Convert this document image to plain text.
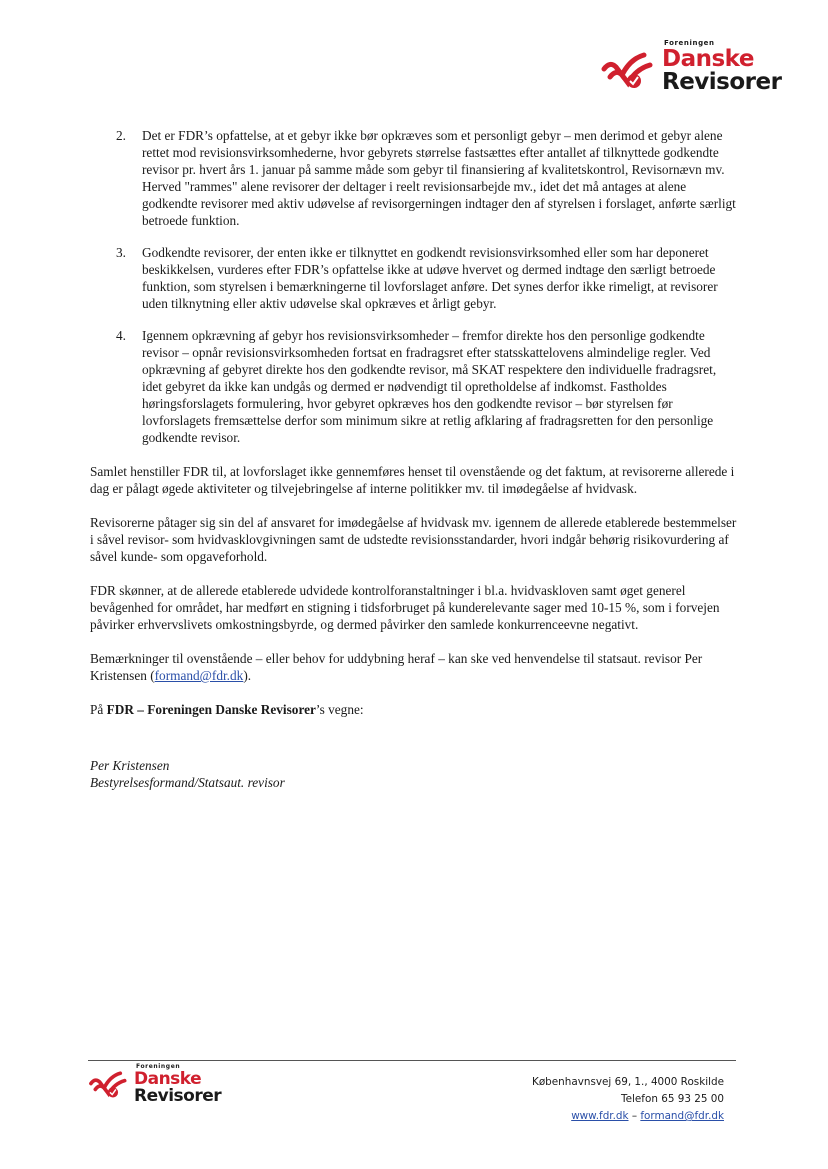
Foreningen
Danske
Revisorer
2. Det er FDR’s opfattelse, at et gebyr ikke bør opkræves som et personligt gebyr – men derimod et gebyr alene rettet mod revisionsvirksomhederne, hvor gebyrets størrelse fastsættes efter antallet af tilknyttede godkendte revisor pr. hvert års 1. januar på samme måde som gebyr til finansiering af kvalitetskontrol, Revisornævn mv. Herved "rammes" alene revisorer der deltager i reelt revisionsarbejde mv., idet det må antages at alene godkendte revisorer med aktiv udøvelse af revisorgerningen indtager den af styrelsen i forslaget, anførte særligt betroede funktion.
3. Godkendte revisorer, der enten ikke er tilknyttet en godkendt revisionsvirksomhed eller som har deponeret beskikkelsen, vurderes efter FDR’s opfattelse ikke at udøve hvervet og dermed indtage den særligt betroede funktion, som styrelsen i bemærkningerne til lovforslaget anføre. Det synes derfor ikke rimeligt, at revisorer uden tilknytning eller aktiv udøvelse skal opkræves et årligt gebyr.
4. Igennem opkrævning af gebyr hos revisionsvirksomheder – fremfor direkte hos den personlige godkendte revisor – opnår revisionsvirksomheden fortsat en fradragsret efter statsskattelovens almindelige regler. Ved opkrævning af gebyret direkte hos den godkendte revisor, må SKAT respektere den individuelle fradragsret, idet gebyret da ikke kan undgås og dermed er nødvendigt til opretholdelse af indkomst. Fastholdes høringsforslagets formulering, hvor gebyret opkræves hos den godkendte revisor – bør styrelsen før lovforslagets fremsættelse derfor som minimum sikre at retlig afklaring af fradragsretten for den personlige godkendte revisor.

Samlet henstiller FDR til, at lovforslaget ikke gennemføres henset til ovenstående og det faktum, at revisorerne allerede i dag er pålagt øgede aktiviteter og tilvejebringelse af interne politikker mv. til imødegåelse af hvidvask.

Revisorerne påtager sig sin del af ansvaret for imødegåelse af hvidvask mv. igennem de allerede etablerede bestemmelser i såvel revisor- som hvidvasklovgivningen samt de udstedte revisionsstandarder, hvori indgår behørig risikovurdering af såvel kunde- som opgaveforhold.

FDR skønner, at de allerede etablerede udvidede kontrolforanstaltninger i bl.a. hvidvaskloven samt øget generel bevågenhed for området, har medført en stigning i tidsforbruget på kunderelevante sager med 10-15 %, som i forvejen påvirker erhvervslivets omkostningsbyrde, og dermed påvirker den samlede konkurrenceevne negativt.

Bemærkninger til ovenstående – eller behov for uddybning heraf – kan ske ved henvendelse til statsaut. revisor Per Kristensen (formand@fdr.dk).

På FDR – Foreningen Danske Revisorer’s vegne:

Per Kristensen
Bestyrelsesformand/Statsaut. revisor
Foreningen
Danske
Revisorer
Københavnsvej 69, 1., 4000 Roskilde
Telefon 65 93 25 00
www.fdr.dk – formand@fdr.dk
